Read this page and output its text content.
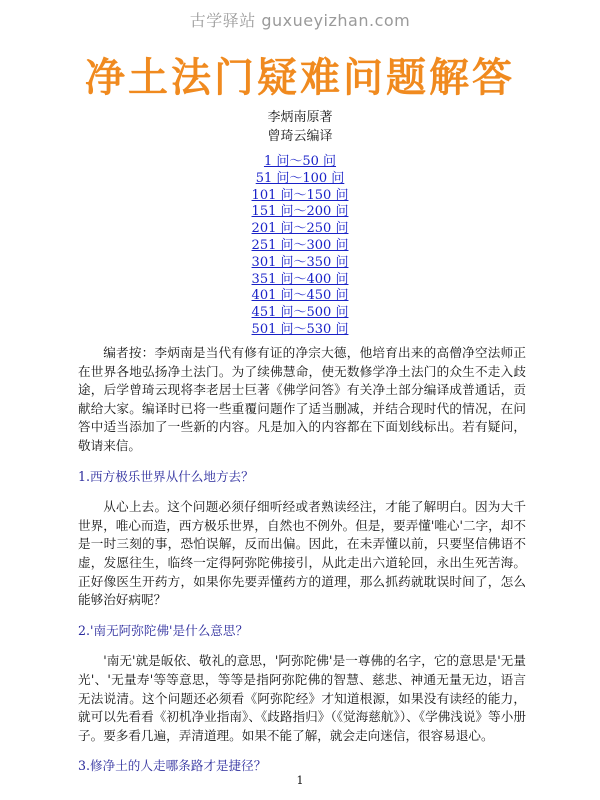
古学驿站 guxueyizhan.com
净土法门疑难问题解答
李炳南原著
曾琦云编译
1 问～50 问
51 问～100 问
101 问～150 问
151 问～200 问
201 问～250 问
251 问～300 问
301 问～350 问
351 问～400 问
401 问～450 问
451 问～500 问
501 问～530 问

编者按：李炳南是当代有修有证的净宗大德，他培育出来的高僧净空法师正在世界各地弘扬净土法门。为了续佛慧命，使无数修学净土法门的众生不走入歧途，后学曾琦云现将李老居士巨著《佛学问答》有关净土部分编译成普通话，贡献给大家。编译时已将一些重覆问题作了适当删减，并结合现时代的情况，在问答中适当添加了一些新的内容。凡是加入的内容都在下面划线标出。若有疑问，敬请来信。

1.西方极乐世界从什么地方去？

从心上去。这个问题必须仔细听经或者熟读经注，才能了解明白。因为大千世界，唯心而造，西方极乐世界，自然也不例外。但是，要弄懂'唯心'二字，却不是一时三刻的事，恐怕误解，反而出偏。因此，在未弄懂以前，只要坚信佛语不虚，发愿往生，临终一定得阿弥陀佛接引，从此走出六道轮回，永出生死苦海。正好像医生开药方，如果你先要弄懂药方的道理，那么抓药就耽误时间了，怎么能够治好病呢？

2.'南无阿弥陀佛'是什么意思？

'南无'就是皈依、敬礼的意思，'阿弥陀佛'是一尊佛的名字，它的意思是'无量光'、'无量寿'等等意思，等等是指阿弥陀佛的智慧、慈悲、神通无量无边，语言无法说清。这个问题还必须看《阿弥陀经》才知道根源，如果没有读经的能力，就可以先看看《初机净业指南》、《歧路指归》（《觉海慈航》）、《学佛浅说》等小册子。要多看几遍，弄清道理。如果不能了解，就会走向迷信，很容易退心。

3.修净土的人走哪条路才是捷径？

1
